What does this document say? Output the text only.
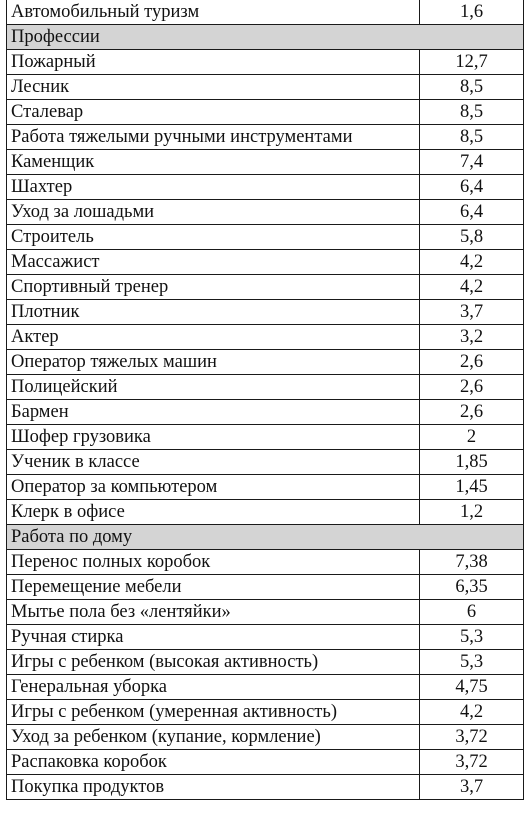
Автомобильный туризм	1,6
Профессии	
Пожарный	12,7
Лесник	8,5
Сталевар	8,5
Работа тяжелыми ручными инструментами	8,5
Каменщик	7,4
Шахтер	6,4
Уход за лошадьми	6,4
Строитель	5,8
Массажист	4,2
Спортивный тренер	4,2
Плотник	3,7
Актер	3,2
Оператор тяжелых машин	2,6
Полицейский	2,6
Бармен	2,6
Шофер грузовика	2
Ученик в классе	1,85
Оператор за компьютером	1,45
Клерк в офисе	1,2
Работа по дому	
Перенос полных коробок	7,38
Перемещение мебели	6,35
Мытье пола без «лентяйки»	6
Ручная стирка	5,3
Игры с ребенком (высокая активность)	5,3
Генеральная уборка	4,75
Игры с ребенком (умеренная активность)	4,2
Уход за ребенком (купание, кормление)	3,72
Распаковка коробок	3,72
Покупка продуктов	3,7
